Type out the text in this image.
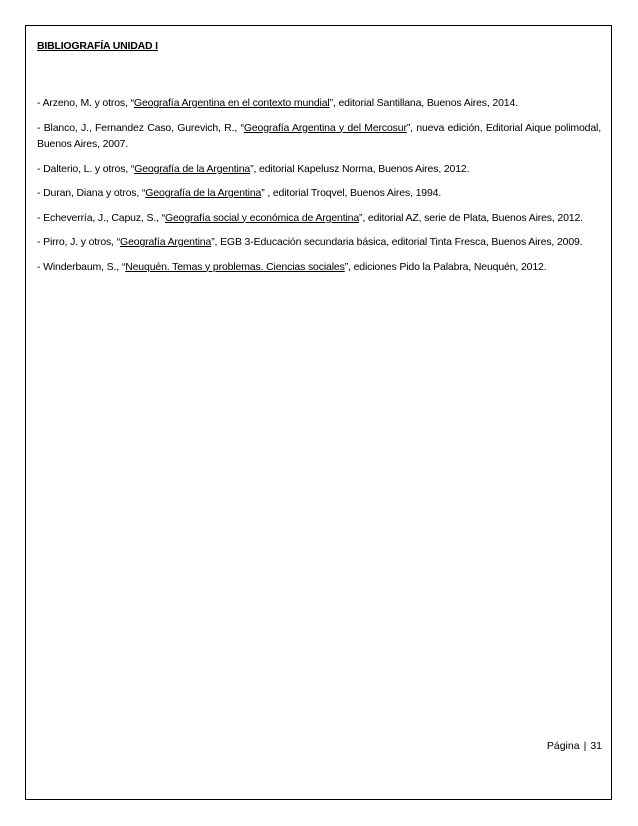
BIBLIOGRAFÍA UNIDAD I

- Arzeno, M. y otros, “Geografía Argentina en el contexto mundial”, editorial Santillana, Buenos Aires, 2014.

- Blanco, J., Fernandez Caso, Gurevich, R., “Geografía Argentina y del Mercosur”, nueva edición, Editorial Aique polimodal, Buenos Aires, 2007.

- Dalterio, L. y otros, “Geografía de la Argentina”, editorial Kapelusz Norma, Buenos Aires, 2012.

- Duran, Diana y otros, “Geografía de la Argentina” , editorial Troqvel, Buenos Aires, 1994.

- Echeverría, J., Capuz, S., “Geografía social y económica de Argentina”, editorial AZ, serie de Plata, Buenos Aires, 2012.

- Pirro, J. y otros, “Geografía Argentina”, EGB 3-Educación secundaria básica, editorial Tinta Fresca, Buenos Aires, 2009.

- Winderbaum, S., “Neuquén. Temas y problemas. Ciencias sociales”, ediciones Pido la Palabra, Neuquén, 2012.

Página | 31
